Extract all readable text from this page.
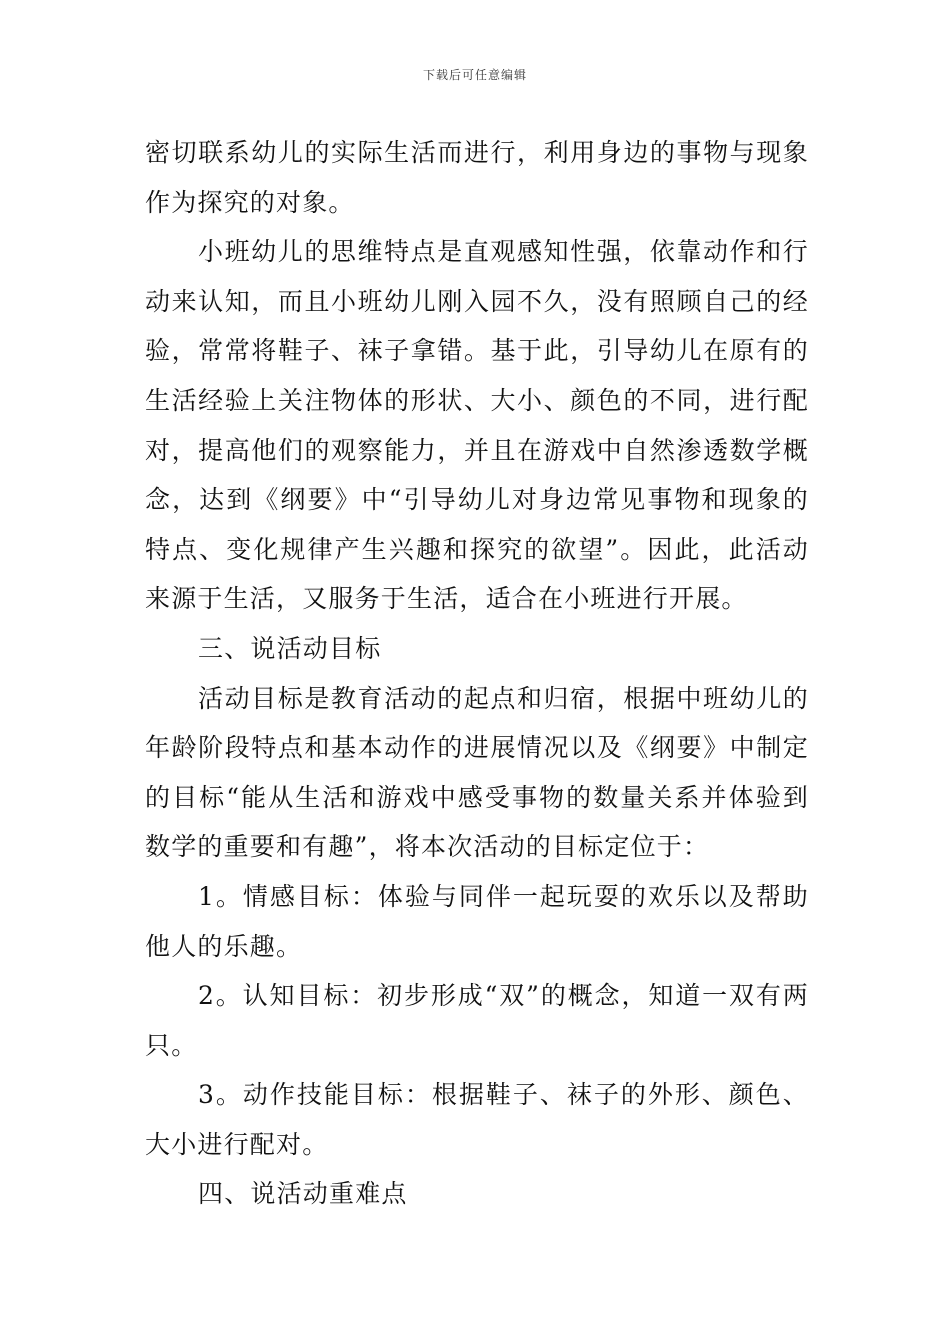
下载后可任意编辑

密切联系幼儿的实际生活而进行，利用身边的事物与现象作为探究的对象。

小班幼儿的思维特点是直观感知性强，依靠动作和行动来认知，而且小班幼儿刚入园不久，没有照顾自己的经验，常常将鞋子、袜子拿错。基于此，引导幼儿在原有的生活经验上关注物体的形状、大小、颜色的不同，进行配对，提高他们的观察能力，并且在游戏中自然渗透数学概念，达到《纲要》中“引导幼儿对身边常见事物和现象的特点、变化规律产生兴趣和探究的欲望”。因此，此活动来源于生活，又服务于生活，适合在小班进行开展。

三、说活动目标

活动目标是教育活动的起点和归宿，根据中班幼儿的年龄阶段特点和基本动作的进展情况以及《纲要》中制定的目标“能从生活和游戏中感受事物的数量关系并体验到数学的重要和有趣”，将本次活动的目标定位于：

1。情感目标：体验与同伴一起玩耍的欢乐以及帮助他人的乐趣。

2。认知目标：初步形成“双”的概念，知道一双有两只。

3。动作技能目标：根据鞋子、袜子的外形、颜色、大小进行配对。

四、说活动重难点
